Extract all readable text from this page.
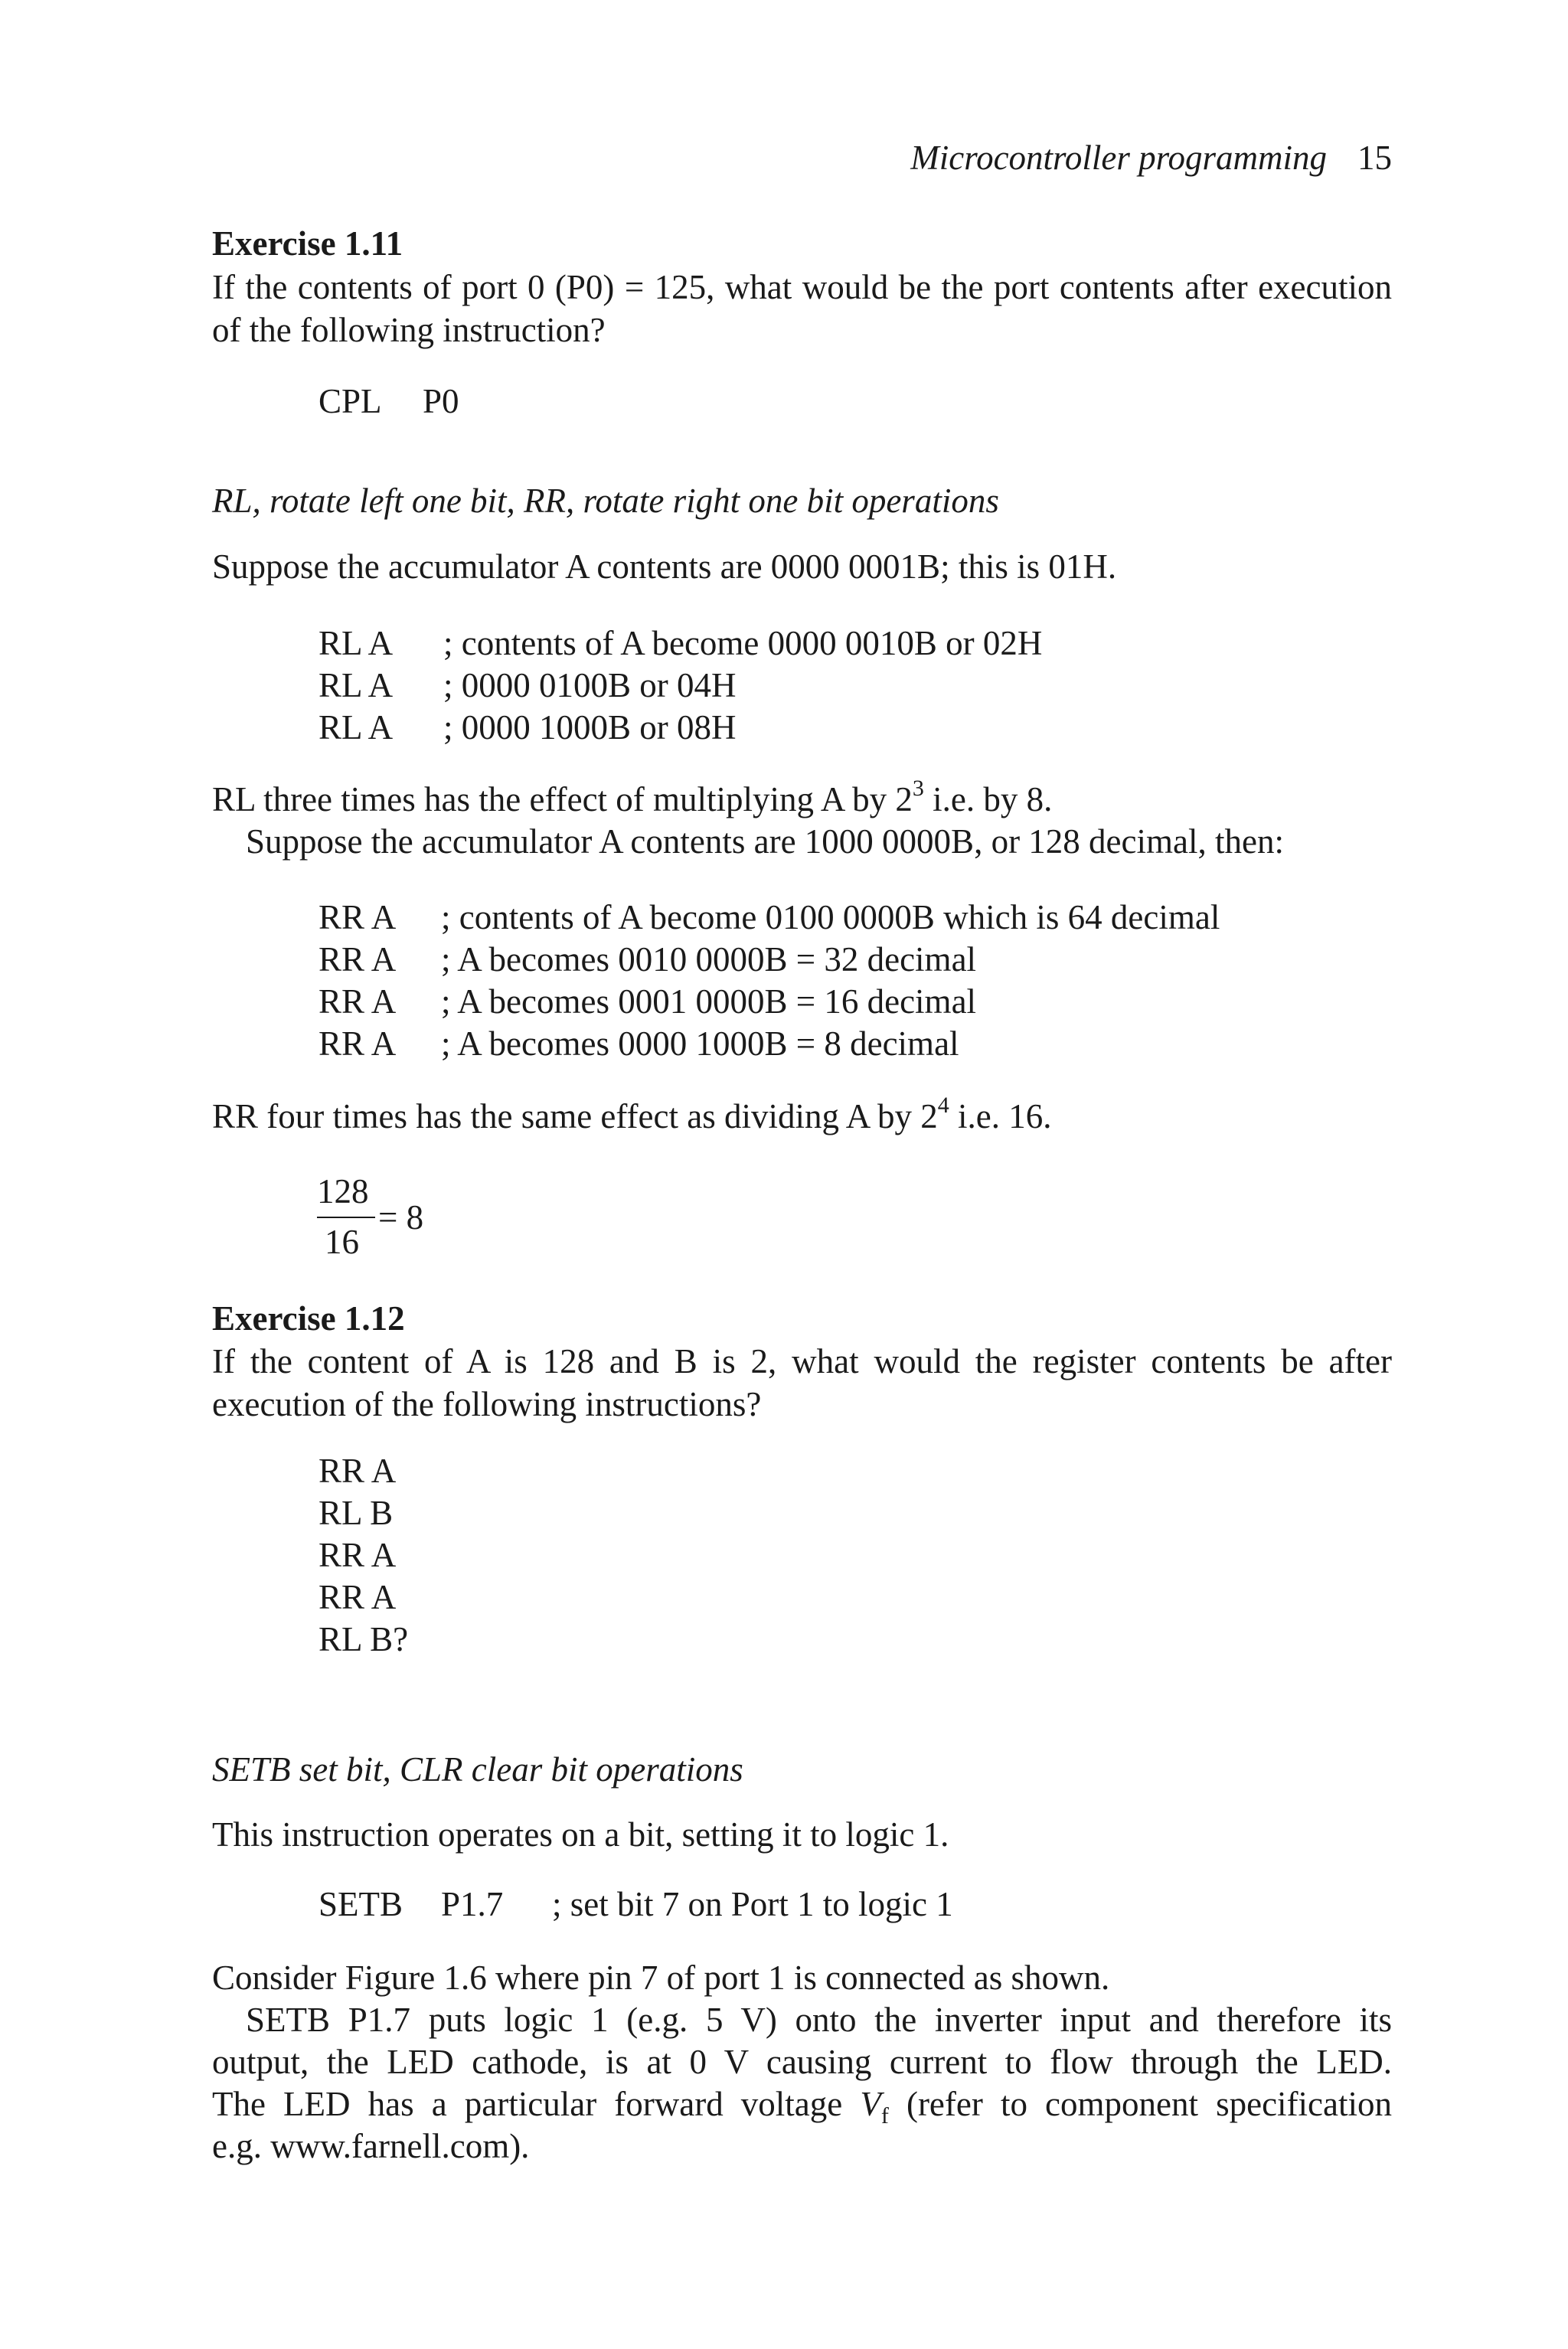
Microcontroller programming 15
Exercise 1.11
If the contents of port 0 (P0) = 125, what would be the port contents after execution of the following instruction?
CPL P0
RL, rotate left one bit, RR, rotate right one bit operations
Suppose the accumulator A contents are 0000 0001B; this is 01H.
RL A ; contents of A become 0000 0010B or 02H
RL A ; 0000 0100B or 04H
RL A ; 0000 1000B or 08H
RL three times has the effect of multiplying A by $2^3$ i.e. by 8.
Suppose the accumulator A contents are 1000 0000B, or 128 decimal, then:
RR A ; contents of A become 0100 0000B which is 64 decimal
RR A ; A becomes 0010 0000B = 32 decimal
RR A ; A becomes 0001 0000B = 16 decimal
RR A ; A becomes 0000 1000B = 8 decimal
RR four times has the same effect as dividing A by $2^4$ i.e. 16.
128
16
= 8
Exercise 1.12
If the content of A is 128 and B is 2, what would the register contents be after execution of the following instructions?
RR A
RL B
RR A
RR A
RL B?
SETB set bit, CLR clear bit operations
This instruction operates on a bit, setting it to logic 1.
SETB P1.7 ; set bit 7 on Port 1 to logic 1
Consider Figure 1.6 where pin 7 of port 1 is connected as shown.
SETB P1.7 puts logic 1 (e.g. 5 V) onto the inverter input and therefore its
output, the LED cathode, is at 0 V causing current to flow through the LED.
The LED has a particular forward voltage $V_f$ (refer to component specification
e.g. www.farnell.com).
